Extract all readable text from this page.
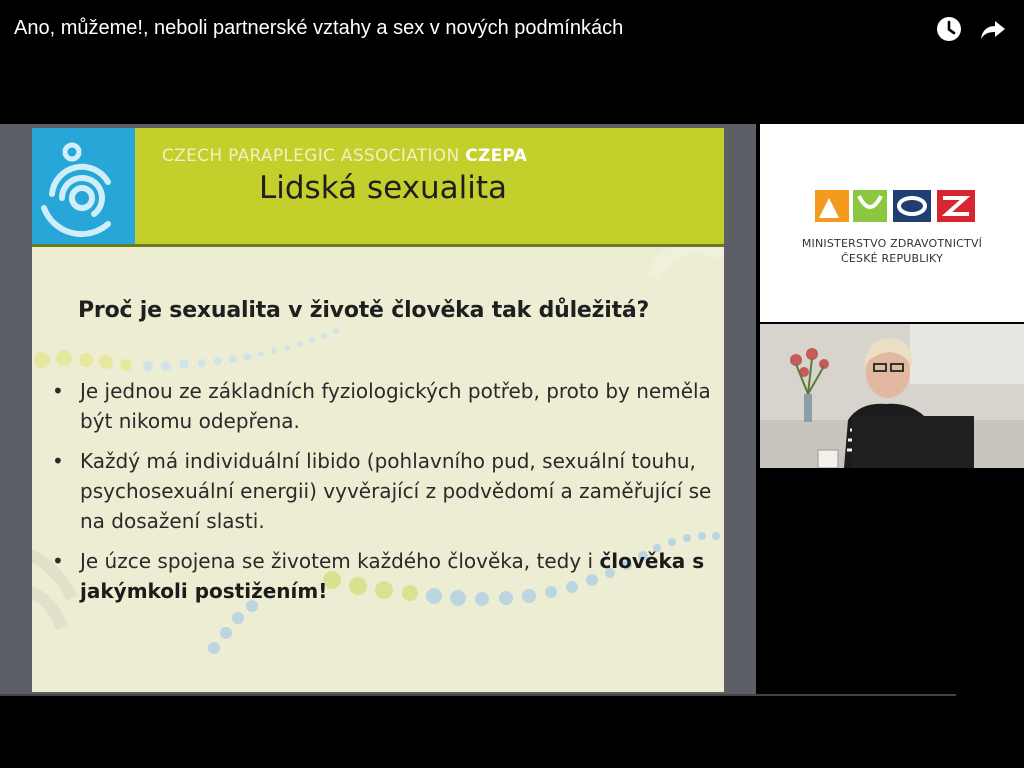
Ano, můžeme!, neboli partnerské vztahy a sex v nových podmínkách
CZECH PARAPLEGIC ASSOCIATION CZEPA
Lidská sexualita
Proč je sexualita v životě člověka tak důležitá?
• Je jednou ze základních fyziologických potřeb, proto by neměla být nikomu odepřena.
• Každý má individuální libido (pohlavního pud, sexuální touhu, psychosexuální energii) vyvěrající z podvědomí a zaměřující se na dosažení slasti.
• Je úzce spojena se životem každého člověka, tedy i člověka s jakýmkoli postižením!
MINISTERSTVO ZDRAVOTNICTVÍ
ČESKÉ REPUBLIKY
